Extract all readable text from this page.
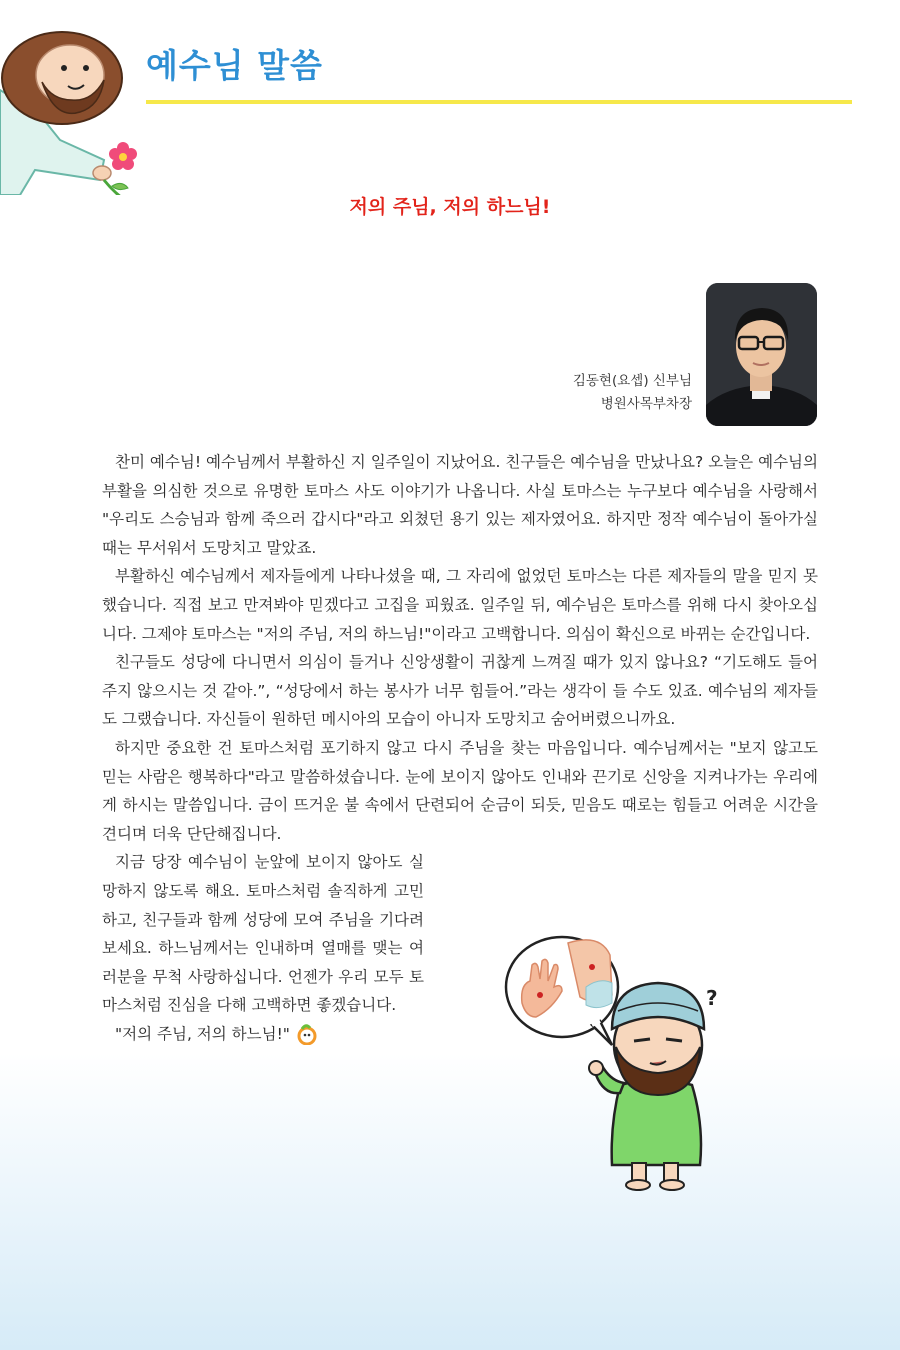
예수님 말씀
저의 주님, 저의 하느님!
김동현(요셉) 신부님
병원사목부차장

찬미 예수님! 예수님께서 부활하신 지 일주일이 지났어요. 친구들은 예수님을 만났나요? 오늘은 예수님의 부활을 의심한 것으로 유명한 토마스 사도 이야기가 나옵니다. 사실 토마스는 누구보다 예수님을 사랑해서 "우리도 스승님과 함께 죽으러 갑시다"라고 외쳤던 용기 있는 제자였어요. 하지만 정작 예수님이 돌아가실 때는 무서워서 도망치고 말았죠.

부활하신 예수님께서 제자들에게 나타나셨을 때, 그 자리에 없었던 토마스는 다른 제자들의 말을 믿지 못했습니다. 직접 보고 만져봐야 믿겠다고 고집을 피웠죠. 일주일 뒤, 예수님은 토마스를 위해 다시 찾아오십니다. 그제야 토마스는 "저의 주님, 저의 하느님!"이라고 고백합니다. 의심이 확신으로 바뀌는 순간입니다.

친구들도 성당에 다니면서 의심이 들거나 신앙생활이 귀찮게 느껴질 때가 있지 않나요? “기도해도 들어주지 않으시는 것 같아.”, “성당에서 하는 봉사가 너무 힘들어.”라는 생각이 들 수도 있죠. 예수님의 제자들도 그랬습니다. 자신들이 원하던 메시아의 모습이 아니자 도망치고 숨어버렸으니까요.

하지만 중요한 건 토마스처럼 포기하지 않고 다시 주님을 찾는 마음입니다. 예수님께서는 "보지 않고도 믿는 사람은 행복하다"라고 말씀하셨습니다. 눈에 보이지 않아도 인내와 끈기로 신앙을 지켜나가는 우리에게 하시는 말씀입니다. 금이 뜨거운 불 속에서 단련되어 순금이 되듯, 믿음도 때로는 힘들고 어려운 시간을 견디며 더욱 단단해집니다.

지금 당장 예수님이 눈앞에 보이지 않아도 실망하지 않도록 해요. 토마스처럼 솔직하게 고민하고, 친구들과 함께 성당에 모여 주님을 기다려 보세요. 하느님께서는 인내하며 열매를 맺는 여러분을 무척 사랑하십니다. 언젠가 우리 모두 토마스처럼 진심을 다해 고백하면 좋겠습니다.

"저의 주님, 저의 하느님!"

?
